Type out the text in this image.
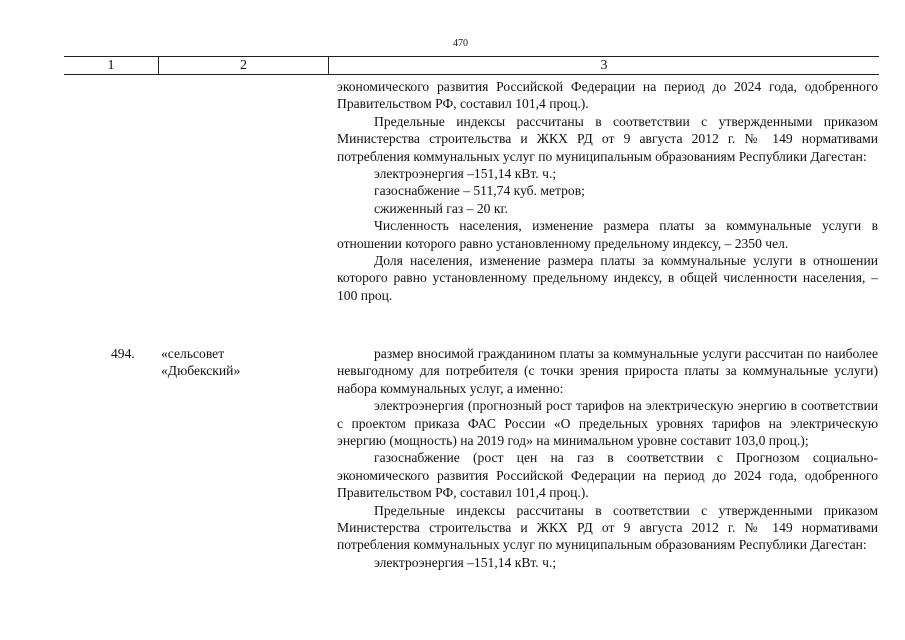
470
1	2	3

экономического развития Российской Федерации на период до 2024 года, одобренного Правительством РФ, составил 101,4 проц.).

Предельные индексы рассчитаны в соответствии с утвержденными приказом Министерства строительства и ЖКХ РД от 9 августа 2012 г. № 149 нормативами потребления коммунальных услуг по муниципальным образованиям Республики Дагестан:

электроэнергия –151,14 кВт. ч.;

газоснабжение – 511,74 куб. метров;

сжиженный газ – 20 кг.

Численность населения, изменение размера платы за коммунальные услуги в отношении которого равно установленному предельному индексу, – 2350 чел.

Доля населения, изменение размера платы за коммунальные услуги в отношении которого равно установленному предельному индексу, в общей численности населения, – 100 проц.

494. «сельсовет
«Дюбекский»

размер вносимой гражданином платы за коммунальные услуги рассчитан по наиболее невыгодному для потребителя (с точки зрения прироста платы за коммунальные услуги) набора коммунальных услуг, а именно:

электроэнергия (прогнозный рост тарифов на электрическую энергию в соответствии с проектом приказа ФАС России «О предельных уровнях тарифов на электрическую энергию (мощность) на 2019 год» на минимальном уровне составит 103,0 проц.);

газоснабжение (рост цен на газ в соответствии с Прогнозом социально-экономического развития Российской Федерации на период до 2024 года, одобренного Правительством РФ, составил 101,4 проц.).

Предельные индексы рассчитаны в соответствии с утвержденными приказом Министерства строительства и ЖКХ РД от 9 августа 2012 г. № 149 нормативами потребления коммунальных услуг по муниципальным образованиям Республики Дагестан:

электроэнергия –151,14 кВт. ч.;
